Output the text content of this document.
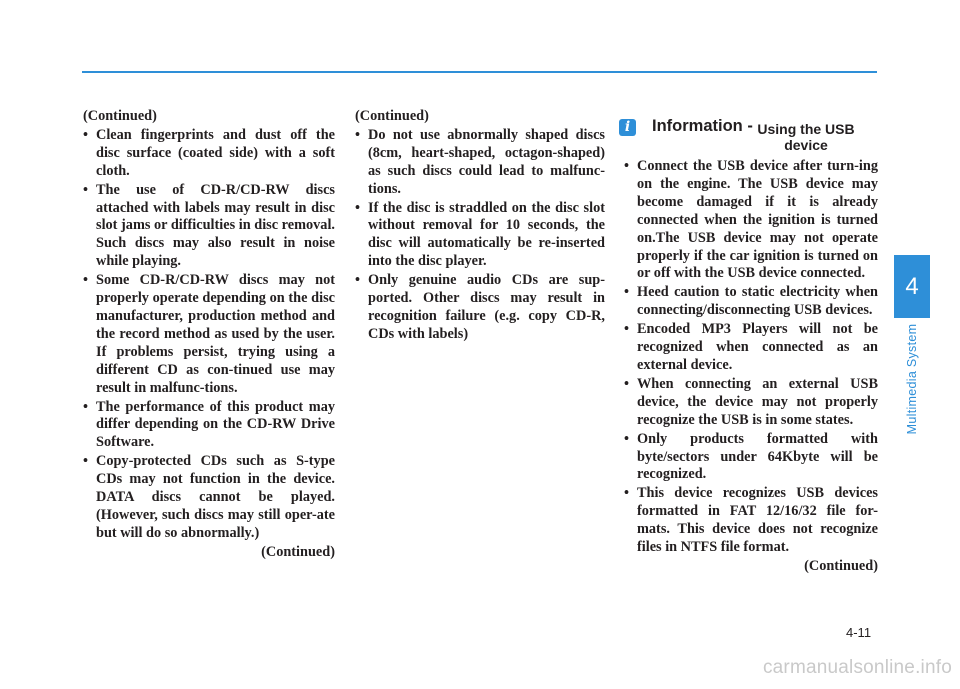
(Continued)
• Clean fingerprints and dust off the disc surface (coated side) with a soft cloth.
• The use of CD-R/CD-RW discs attached with labels may result in disc slot jams or difficulties in disc removal. Such discs may also result in noise while playing.
• Some CD-R/CD-RW discs may not properly operate depending on the disc manufacturer, production method and the record method as used by the user. If problems persist, trying using a different CD as con-tinued use may result in malfunc-tions.
• The performance of this product may differ depending on the CD-RW Drive Software.
• Copy-protected CDs such as S-type CDs may not function in the device. DATA discs cannot be played. (However, such discs may still oper-ate but will do so abnormally.)
(Continued)
(Continued)
• Do not use abnormally shaped discs (8cm, heart-shaped, octagon-shaped) as such discs could lead to malfunc-tions.
• If the disc is straddled on the disc slot without removal for 10 seconds, the disc will automatically be re-inserted into the disc player.
• Only genuine audio CDs are sup-ported. Other discs may result in recognition failure (e.g. copy CD-R, CDs with labels)
i	Information - Using the USB device
• Connect the USB device after turn-ing on the engine. The USB device may become damaged if it is already connected when the ignition is turned on.The USB device may not operate properly if the car ignition is turned on or off with the USB device connected.
• Heed caution to static electricity when connecting/disconnecting USB devices.
• Encoded MP3 Players will not be recognized when connected as an external device.
• When connecting an external USB device, the device may not properly recognize the USB is in some states.
• Only products formatted with byte/sectors under 64Kbyte will be recognized.
• This device recognizes USB devices formatted in FAT 12/16/32 file for-mats. This device does not recognize files in NTFS file format.
(Continued)
4
Multimedia System
4-11
carmanualsonline.info
